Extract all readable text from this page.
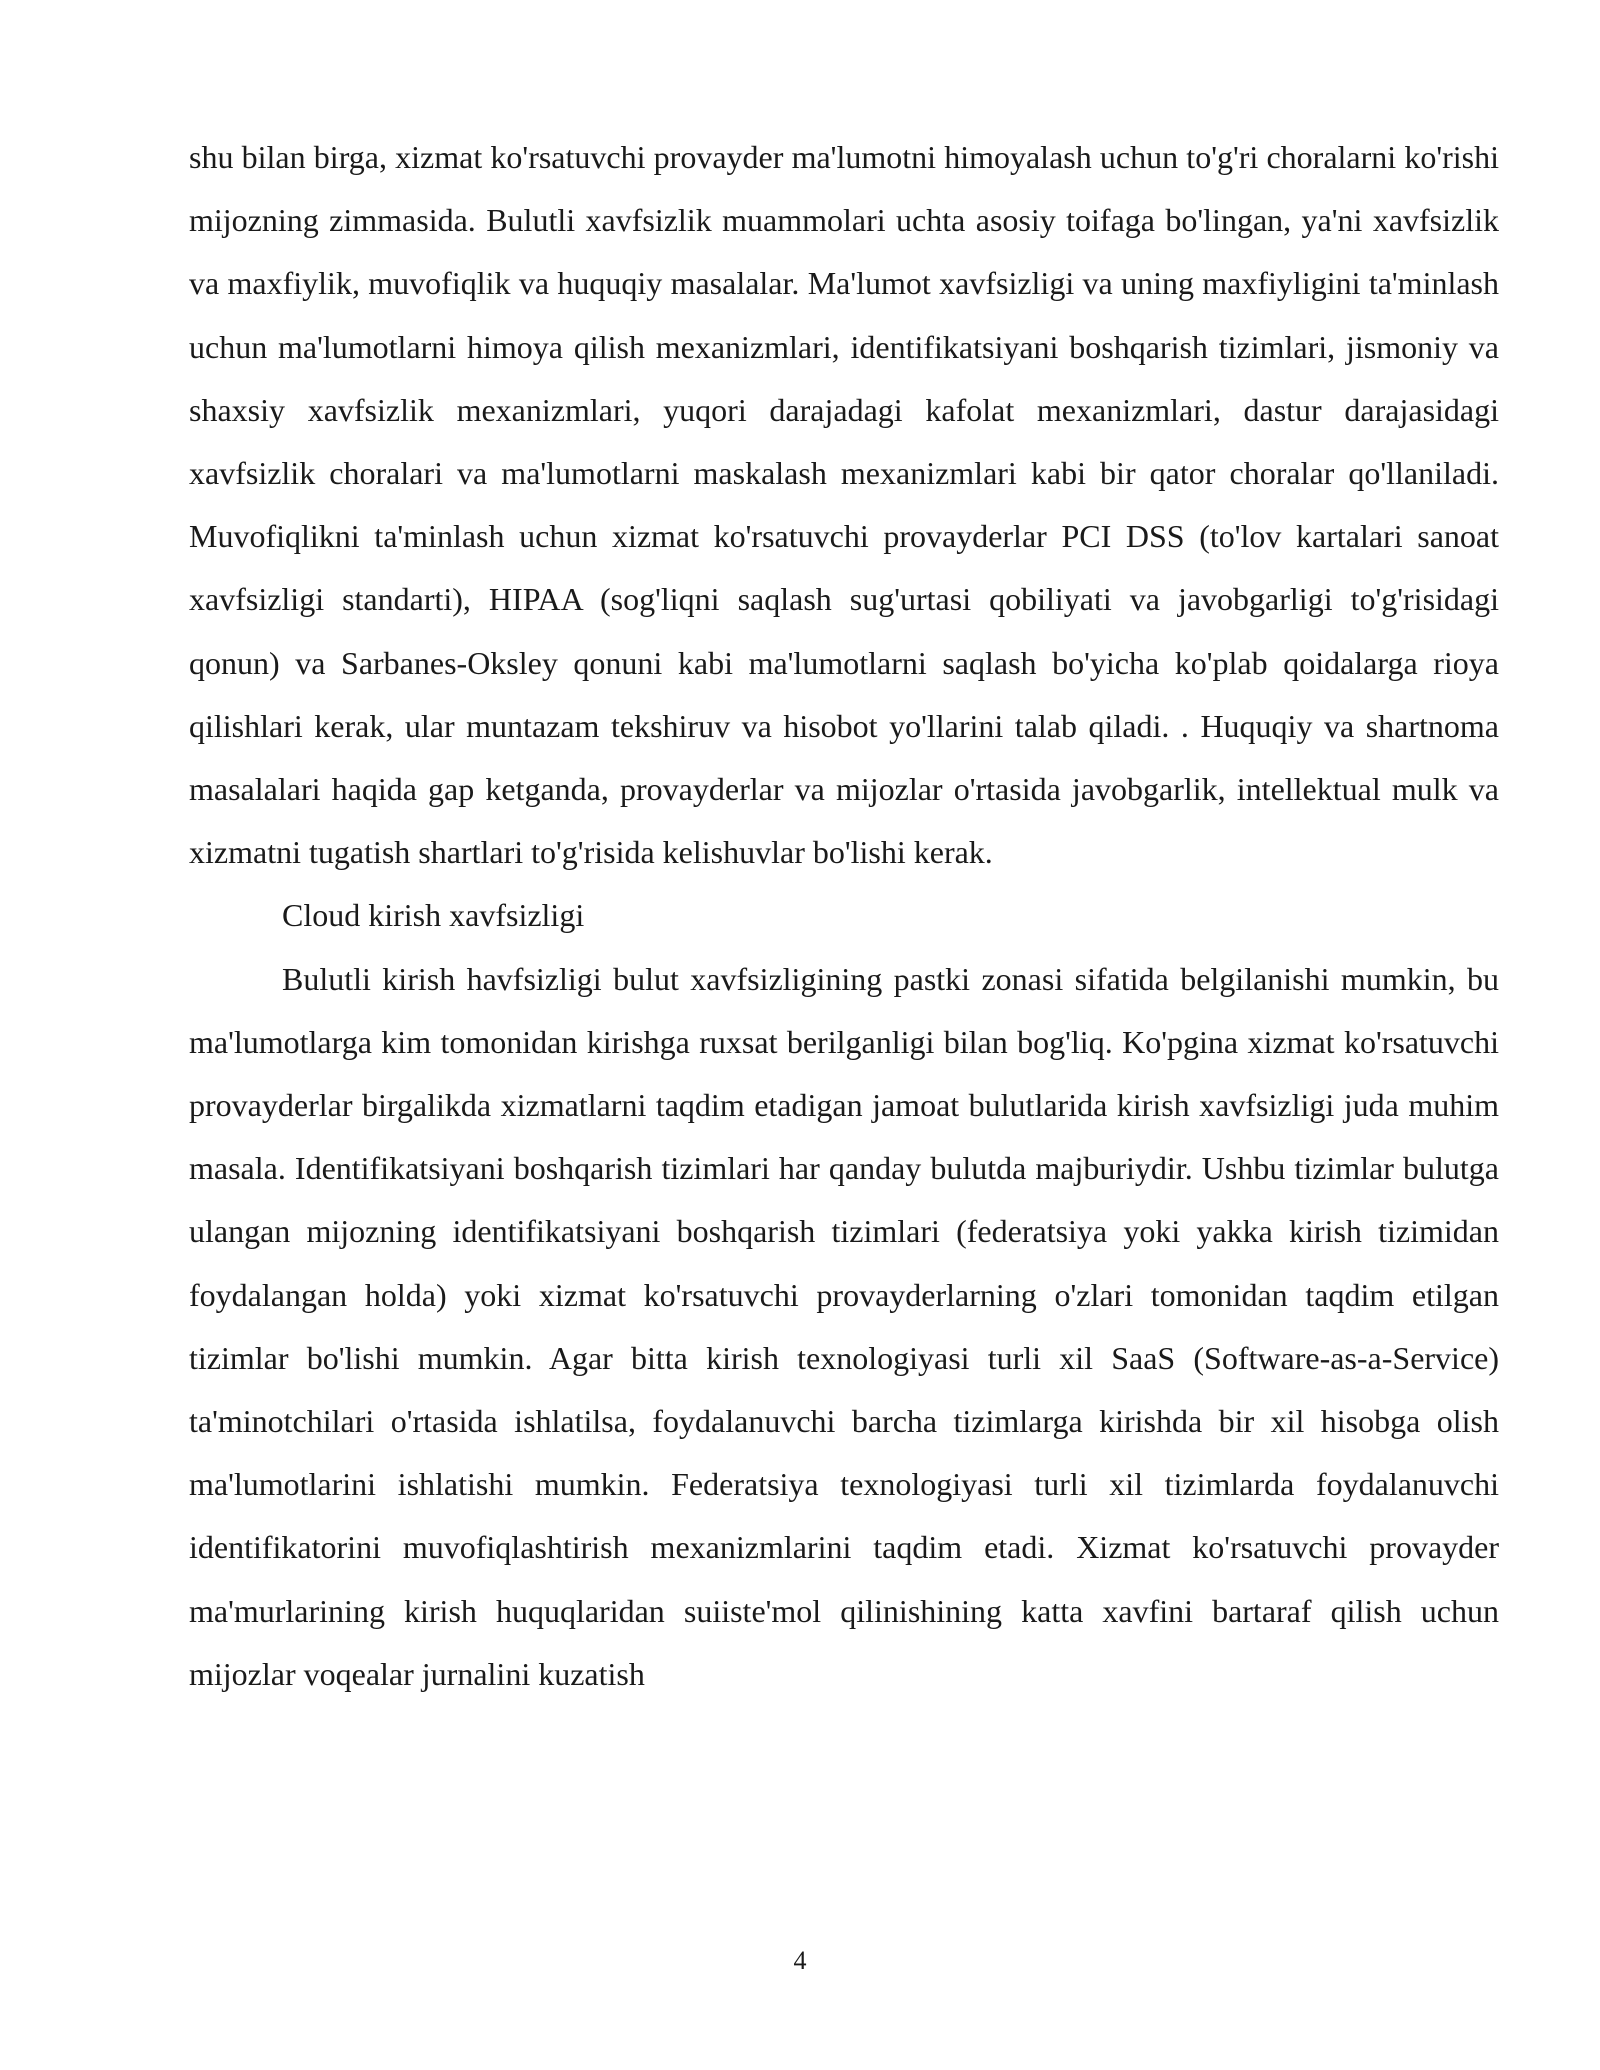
shu bilan birga, xizmat ko'rsatuvchi provayder ma'lumotni himoyalash uchun to'g'ri choralarni ko'rishi mijozning zimmasida. Bulutli xavfsizlik muammolari uchta asosiy toifaga bo'lingan, ya'ni xavfsizlik va maxfiylik, muvofiqlik va huquqiy masalalar. Ma'lumot xavfsizligi va uning maxfiyligini ta'minlash uchun ma'lumotlarni himoya qilish mexanizmlari, identifikatsiyani boshqarish tizimlari, jismoniy va shaxsiy xavfsizlik mexanizmlari, yuqori darajadagi kafolat mexanizmlari, dastur darajasidagi xavfsizlik choralari va ma'lumotlarni maskalash mexanizmlari kabi bir qator choralar qo'llaniladi. Muvofiqlikni ta'minlash uchun xizmat ko'rsatuvchi provayderlar PCI DSS (to'lov kartalari sanoat xavfsizligi standarti), HIPAA (sog'liqni saqlash sug'urtasi qobiliyati va javobgarligi to'g'risidagi qonun) va Sarbanes-Oksley qonuni kabi ma'lumotlarni saqlash bo'yicha ko'plab qoidalarga rioya qilishlari kerak, ular muntazam tekshiruv va hisobot yo'llarini talab qiladi. . Huquqiy va shartnoma masalalari haqida gap ketganda, provayderlar va mijozlar o'rtasida javobgarlik, intellektual mulk va xizmatni tugatish shartlari to'g'risida kelishuvlar bo'lishi kerak.

Cloud kirish xavfsizligi

Bulutli kirish havfsizligi bulut xavfsizligining pastki zonasi sifatida belgilanishi mumkin, bu ma'lumotlarga kim tomonidan kirishga ruxsat berilganligi bilan bog'liq. Ko'pgina xizmat ko'rsatuvchi provayderlar birgalikda xizmatlarni taqdim etadigan jamoat bulutlarida kirish xavfsizligi juda muhim masala. Identifikatsiyani boshqarish tizimlari har qanday bulutda majburiydir. Ushbu tizimlar bulutga ulangan mijozning identifikatsiyani boshqarish tizimlari (federatsiya yoki yakka kirish tizimidan foydalangan holda) yoki xizmat ko'rsatuvchi provayderlarning o'zlari tomonidan taqdim etilgan tizimlar bo'lishi mumkin. Agar bitta kirish texnologiyasi turli xil SaaS (Software-as-a-Service) ta'minotchilari o'rtasida ishlatilsa, foydalanuvchi barcha tizimlarga kirishda bir xil hisobga olish ma'lumotlarini ishlatishi mumkin. Federatsiya texnologiyasi turli xil tizimlarda foydalanuvchi identifikatorini muvofiqlashtirish mexanizmlarini taqdim etadi. Xizmat ko'rsatuvchi provayder ma'murlarining kirish huquqlaridan suiiste'mol qilinishining katta xavfini bartaraf qilish uchun mijozlar voqealar jurnalini kuzatish

4
